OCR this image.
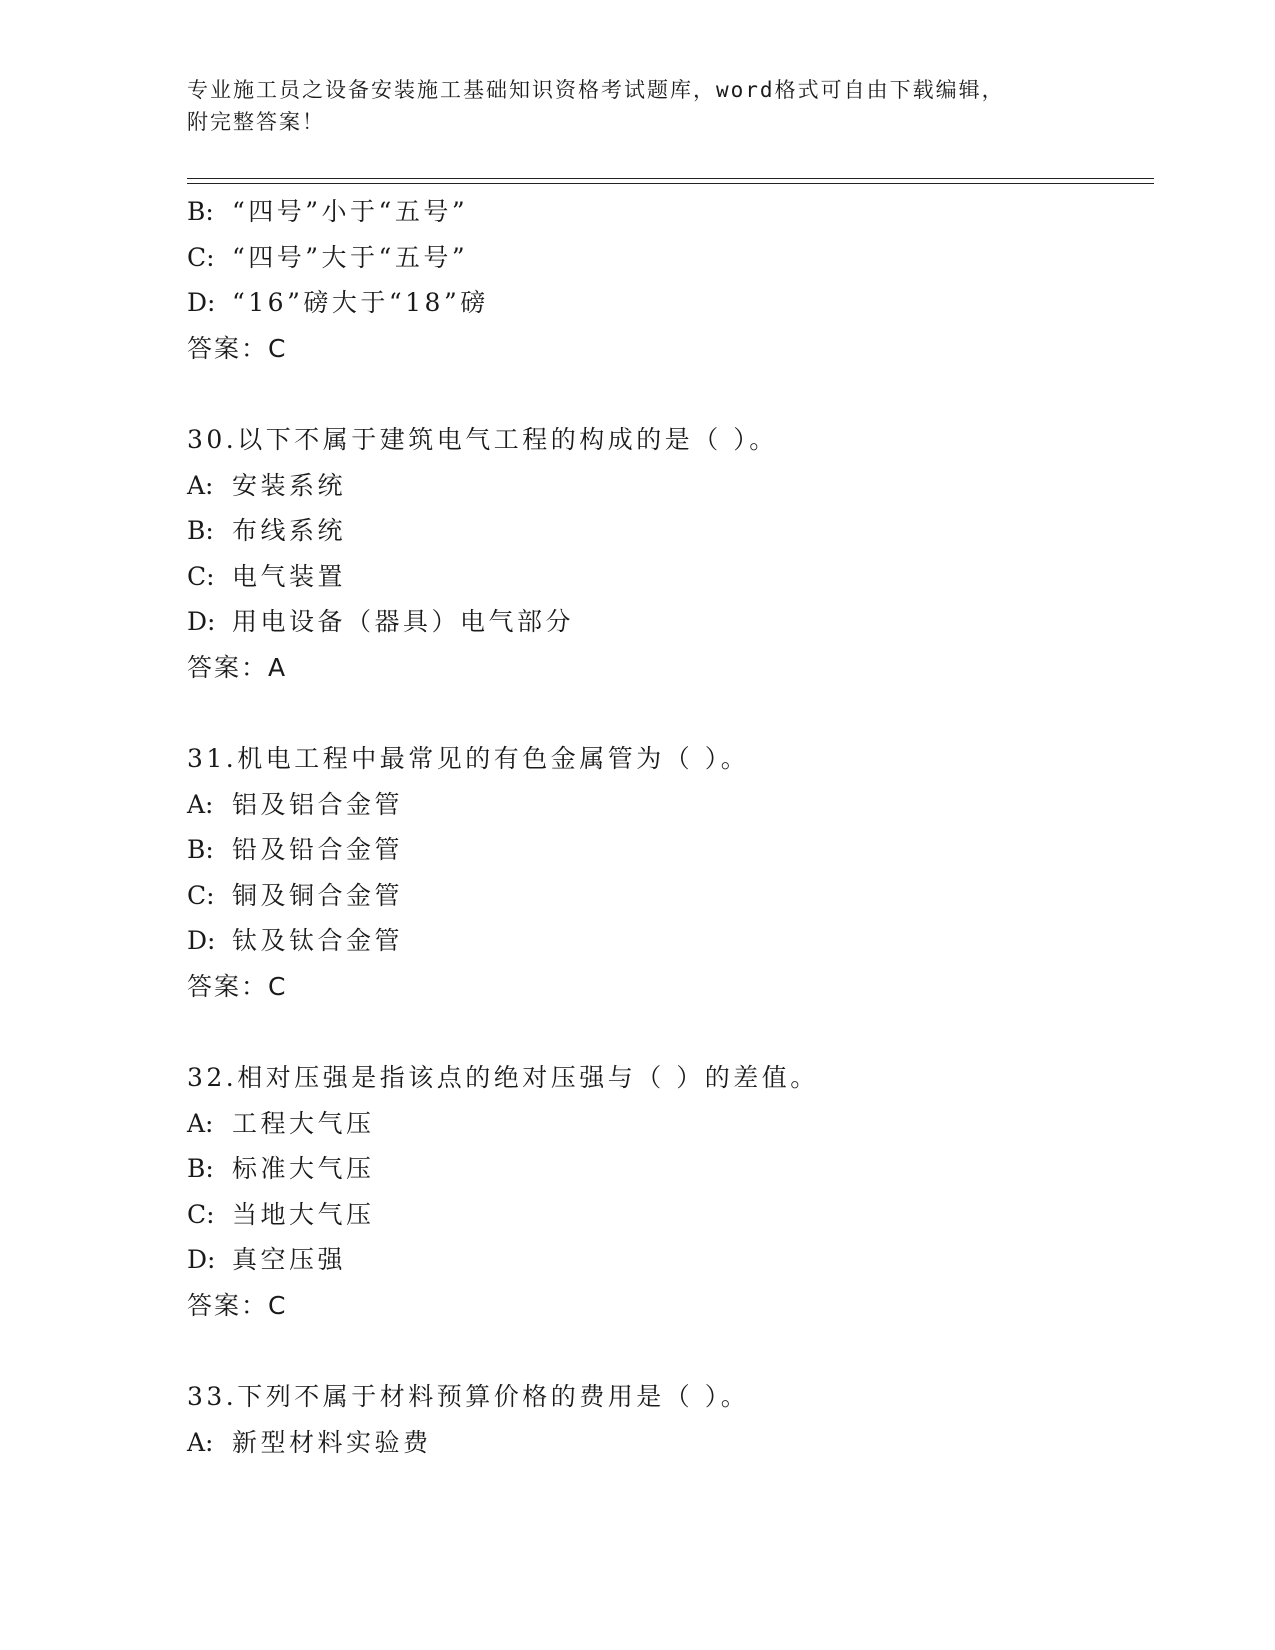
专业施工员之设备安装施工基础知识资格考试题库，word格式可自由下载编辑，
附完整答案！
B: “四号”小于“五号”
C: “四号”大于“五号”
D: “16”磅大于“18”磅
答案：C
30.以下不属于建筑电气工程的构成的是（ ）。
A: 安装系统
B: 布线系统
C: 电气装置
D: 用电设备（器具）电气部分
答案：A
31.机电工程中最常见的有色金属管为（ ）。
A: 铝及铝合金管
B: 铅及铅合金管
C: 铜及铜合金管
D: 钛及钛合金管
答案：C
32.相对压强是指该点的绝对压强与（ ）的差值。
A: 工程大气压
B: 标准大气压
C: 当地大气压
D: 真空压强
答案：C
33.下列不属于材料预算价格的费用是（ ）。
A: 新型材料实验费
